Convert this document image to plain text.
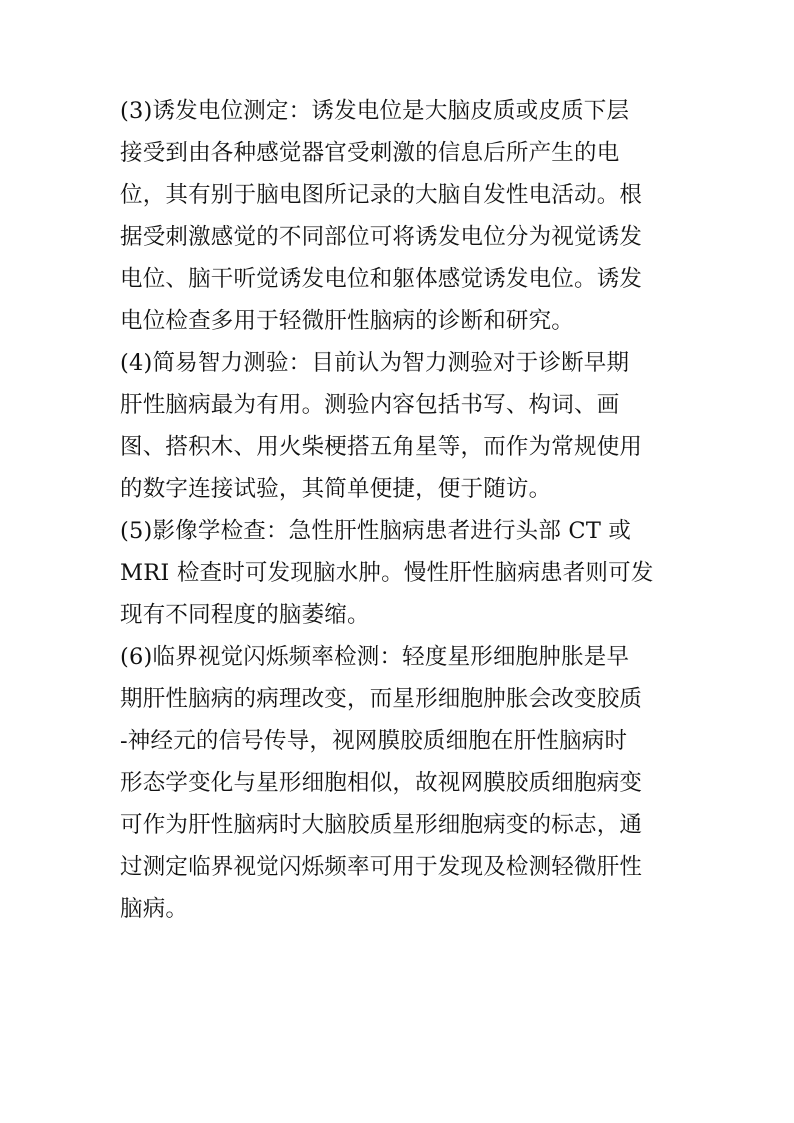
(3)诱发电位测定：诱发电位是大脑皮质或皮质下层
接受到由各种感觉器官受刺激的信息后所产生的电
位，其有别于脑电图所记录的大脑自发性电活动。根
据受刺激感觉的不同部位可将诱发电位分为视觉诱发
电位、脑干听觉诱发电位和躯体感觉诱发电位。诱发
电位检查多用于轻微肝性脑病的诊断和研究。
(4)简易智力测验：目前认为智力测验对于诊断早期
肝性脑病最为有用。测验内容包括书写、构词、画
图、搭积木、用火柴梗搭五角星等，而作为常规使用
的数字连接试验，其简单便捷，便于随访。
(5)影像学检查：急性肝性脑病患者进行头部 CT 或
MRI 检查时可发现脑水肿。慢性肝性脑病患者则可发
现有不同程度的脑萎缩。
(6)临界视觉闪烁频率检测：轻度星形细胞肿胀是早
期肝性脑病的病理改变，而星形细胞肿胀会改变胶质
-神经元的信号传导，视网膜胶质细胞在肝性脑病时
形态学变化与星形细胞相似，故视网膜胶质细胞病变
可作为肝性脑病时大脑胶质星形细胞病变的标志，通
过测定临界视觉闪烁频率可用于发现及检测轻微肝性
脑病。
